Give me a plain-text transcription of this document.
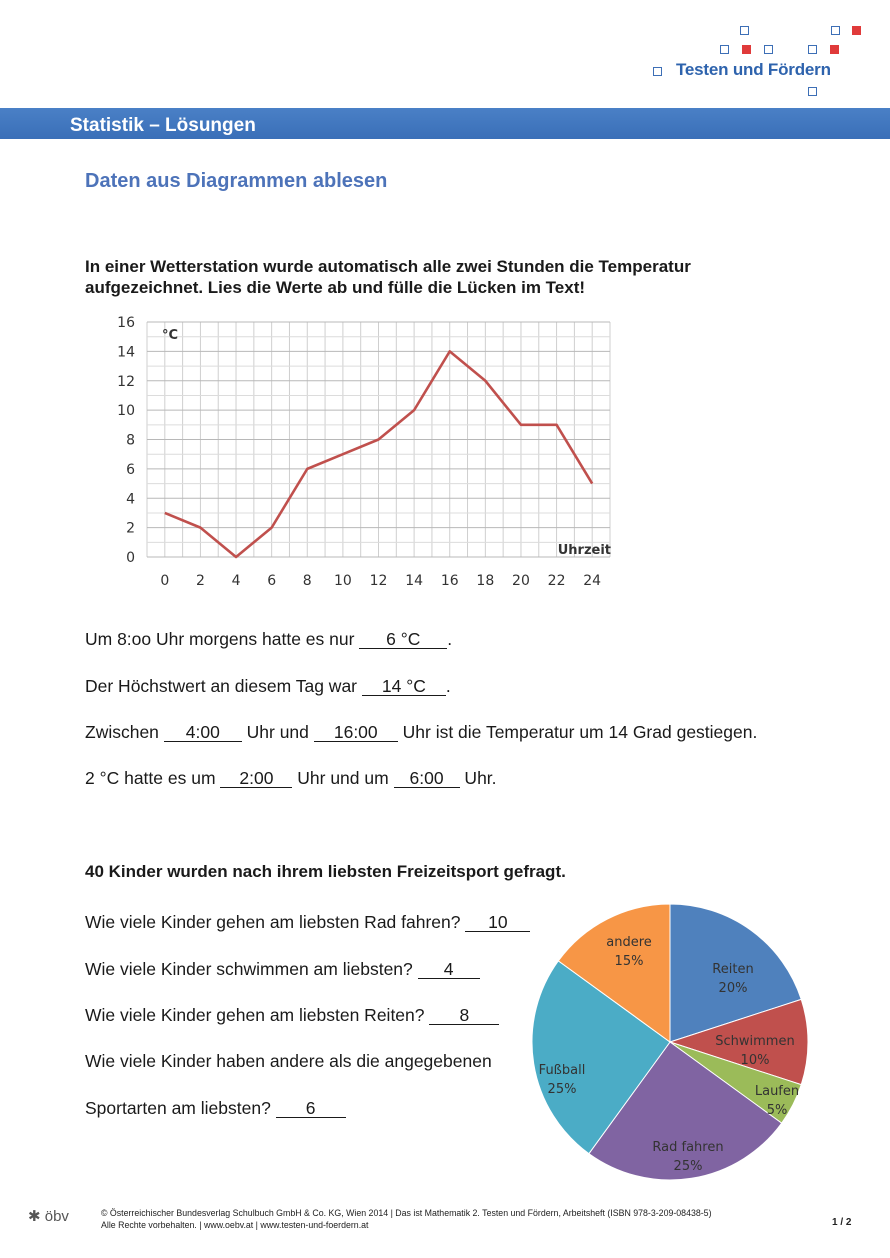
Testen und Fördern
Statistik – Lösungen
Daten aus Diagrammen ablesen
In einer Wetterstation wurde automatisch alle zwei Stunden die Temperatur
aufgezeichnet. Lies die Werte ab und fülle die Lücken im Text!
0
2
4
6
8
10
12
14
16
0 2 4 6 8 10 12 14 16 18 20 22 24
°C
Uhrzeit
Um 8:oo Uhr morgens hatte es nur 6 °C .
Der Höchstwert an diesem Tag war 14 °C .
Zwischen 4:00 Uhr und 16:00 Uhr ist die Temperatur um 14 Grad gestiegen.
2 °C hatte es um 2:00 Uhr und um 6:00 Uhr.
40 Kinder wurden nach ihrem liebsten Freizeitsport gefragt.
Wie viele Kinder gehen am liebsten Rad fahren? 10
Wie viele Kinder schwimmen am liebsten? 4
Wie viele Kinder gehen am liebsten Reiten? 8
Wie viele Kinder haben andere als die angegebenen
Sportarten am liebsten? 6
Reiten
20%
Schwimmen
10%
Laufen
5%
Rad fahren
25%
Fußball
25%
andere
15%
✱ öbv	© Österreichischer Bundesverlag Schulbuch GmbH & Co. KG, Wien 2014 | Das ist Mathematik 2. Testen und Fördern, Arbeitsheft (ISBN 978-3-209-08438-5)
Alle Rechte vorbehalten. | www.oebv.at | www.testen-und-foerdern.at	1 / 2
